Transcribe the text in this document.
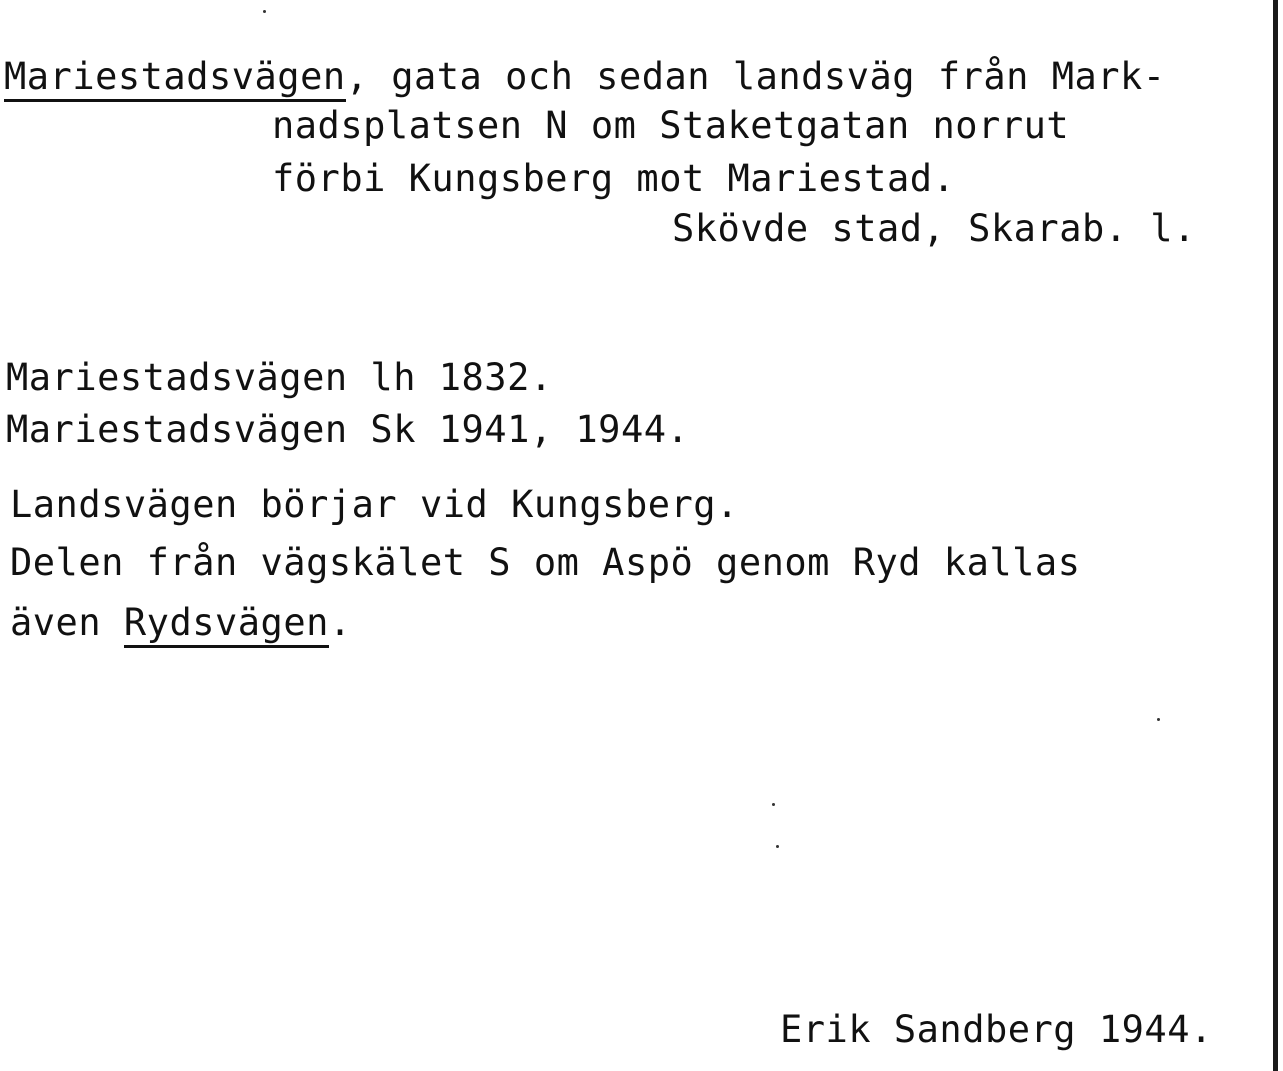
Mariestadsvägen, gata och sedan landsväg från Mark-
nadsplatsen N om Staketgatan norrut
förbi Kungsberg mot Mariestad.
Skövde stad, Skarab. l.
Mariestadsvägen lh 1832.
Mariestadsvägen Sk 1941, 1944.
Landsvägen börjar vid Kungsberg.
Delen från vägskälet S om Aspö genom Ryd kallas
även Rydsvägen.
Erik Sandberg 1944.
